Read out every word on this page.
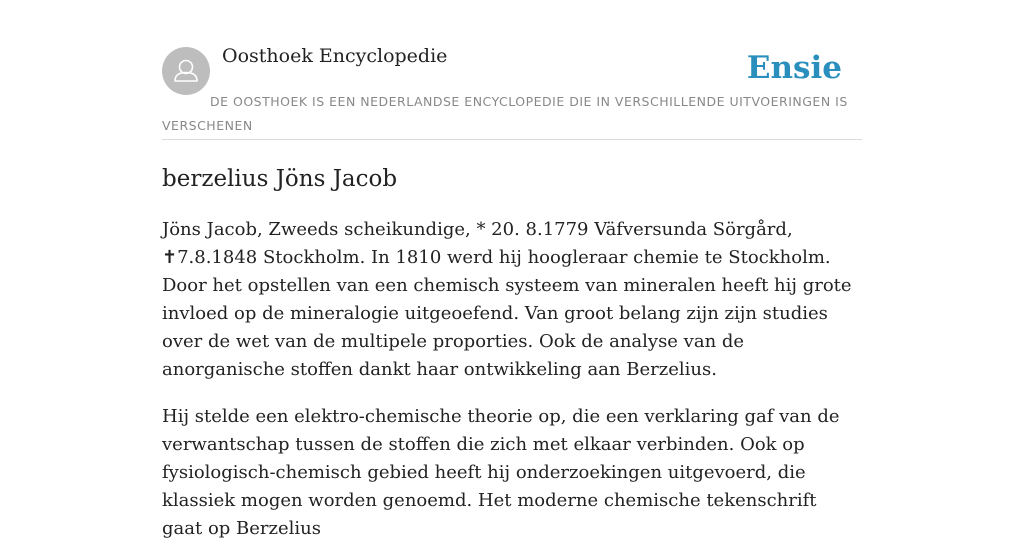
Oosthoek Encyclopedie	Ensie

DE OOSTHOEK IS EEN NEDERLANDSE ENCYCLOPEDIE DIE IN VERSCHILLENDE UITVOERINGEN IS VERSCHENEN

berzelius Jöns Jacob

Jöns Jacob, Zweeds scheikundige, * 20. 8.1779 Väfversunda Sörgård, ✝7.8.1848 Stockholm. In 1810 werd hij hoogleraar chemie te Stockholm. Door het opstellen van een chemisch systeem van mineralen heeft hij grote invloed op de mineralogie uitgeoefend. Van groot belang zijn zijn studies over de wet van de multipele proporties. Ook de analyse van de anorganische stoffen dankt haar ontwikkeling aan Berzelius.

Hij stelde een elektro-chemische theorie op, die een verklaring gaf van de verwantschap tussen de stoffen die zich met elkaar verbinden. Ook op fysiologisch-chemisch gebied heeft hij onderzoekingen uitgevoerd, die klassiek mogen worden genoemd. Het moderne chemische tekenschrift gaat op Berzelius
